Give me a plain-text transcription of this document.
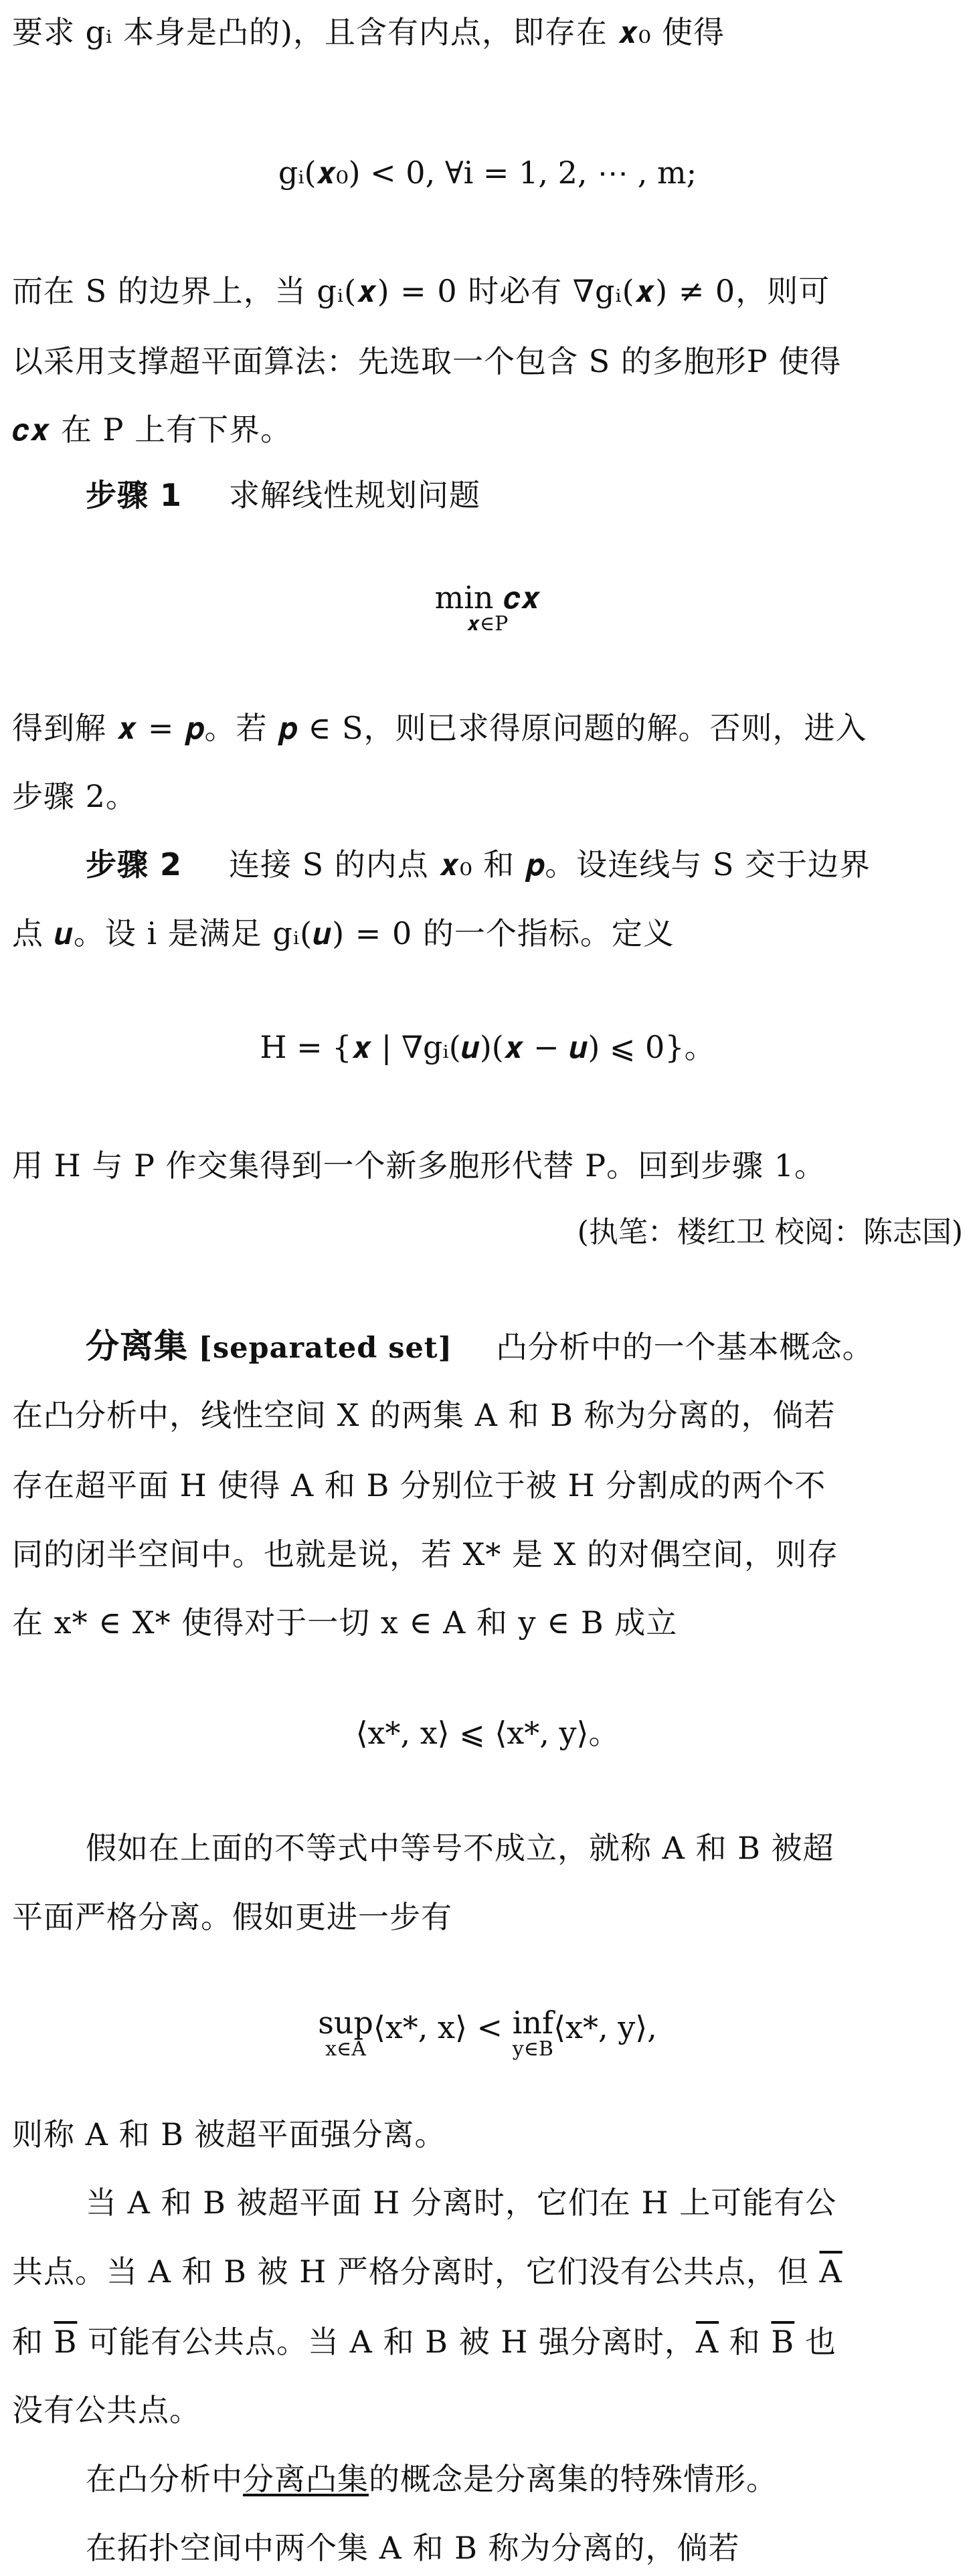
要求 gᵢ 本身是凸的)，且含有内点，即存在 𝒙₀ 使得
gᵢ(𝒙₀) < 0, ∀i = 1, 2, ⋯ , m;
而在 S 的边界上，当 gᵢ(𝒙) = 0 时必有 ∇gᵢ(𝒙) ≠ 0，则可
以采用支撑超平面算法：先选取一个包含 S 的多胞形P 使得
𝒄𝒙 在 P 上有下界。
步骤 1 求解线性规划问题
min 𝒄𝒙
𝒙∈P
得到解 𝒙 = 𝒑。若 𝒑 ∈ S，则已求得原问题的解。否则，进入
步骤 2。
步骤 2 连接 S 的内点 𝒙₀ 和 𝒑。设连线与 S 交于边界
点 𝒖。设 i 是满足 gᵢ(𝒖) = 0 的一个指标。定义
H = {𝒙 | ∇gᵢ(𝒖)(𝒙 − 𝒖) ⩽ 0}。
用 H 与 P 作交集得到一个新多胞形代替 P。回到步骤 1。
(执笔：楼红卫 校阅：陈志国)
分离集 [separated set] 凸分析中的一个基本概念。
在凸分析中，线性空间 X 的两集 A 和 B 称为分离的，倘若
存在超平面 H 使得 A 和 B 分别位于被 H 分割成的两个不
同的闭半空间中。也就是说，若 X* 是 X 的对偶空间，则存
在 x* ∈ X* 使得对于一切 x ∈ A 和 y ∈ B 成立
⟨x*, x⟩ ⩽ ⟨x*, y⟩。
假如在上面的不等式中等号不成立，就称 A 和 B 被超
平面严格分离。假如更进一步有
sup
x∈A
⟨x*, x⟩ < inf
y∈B
⟨x*, y⟩,
则称 A 和 B 被超平面强分离。
当 A 和 B 被超平面 H 分离时，它们在 H 上可能有公
共点。当 A 和 B 被 H 严格分离时，它们没有公共点，但 $\overline{A}$
和 $\overline{B}$ 可能有公共点。当 A 和 B 被 H 强分离时，$\overline{A}$ 和 $\overline{B}$ 也
没有公共点。
在凸分析中分离凸集的概念是分离集的特殊情形。
在拓扑空间中两个集 A 和 B 称为分离的，倘若
